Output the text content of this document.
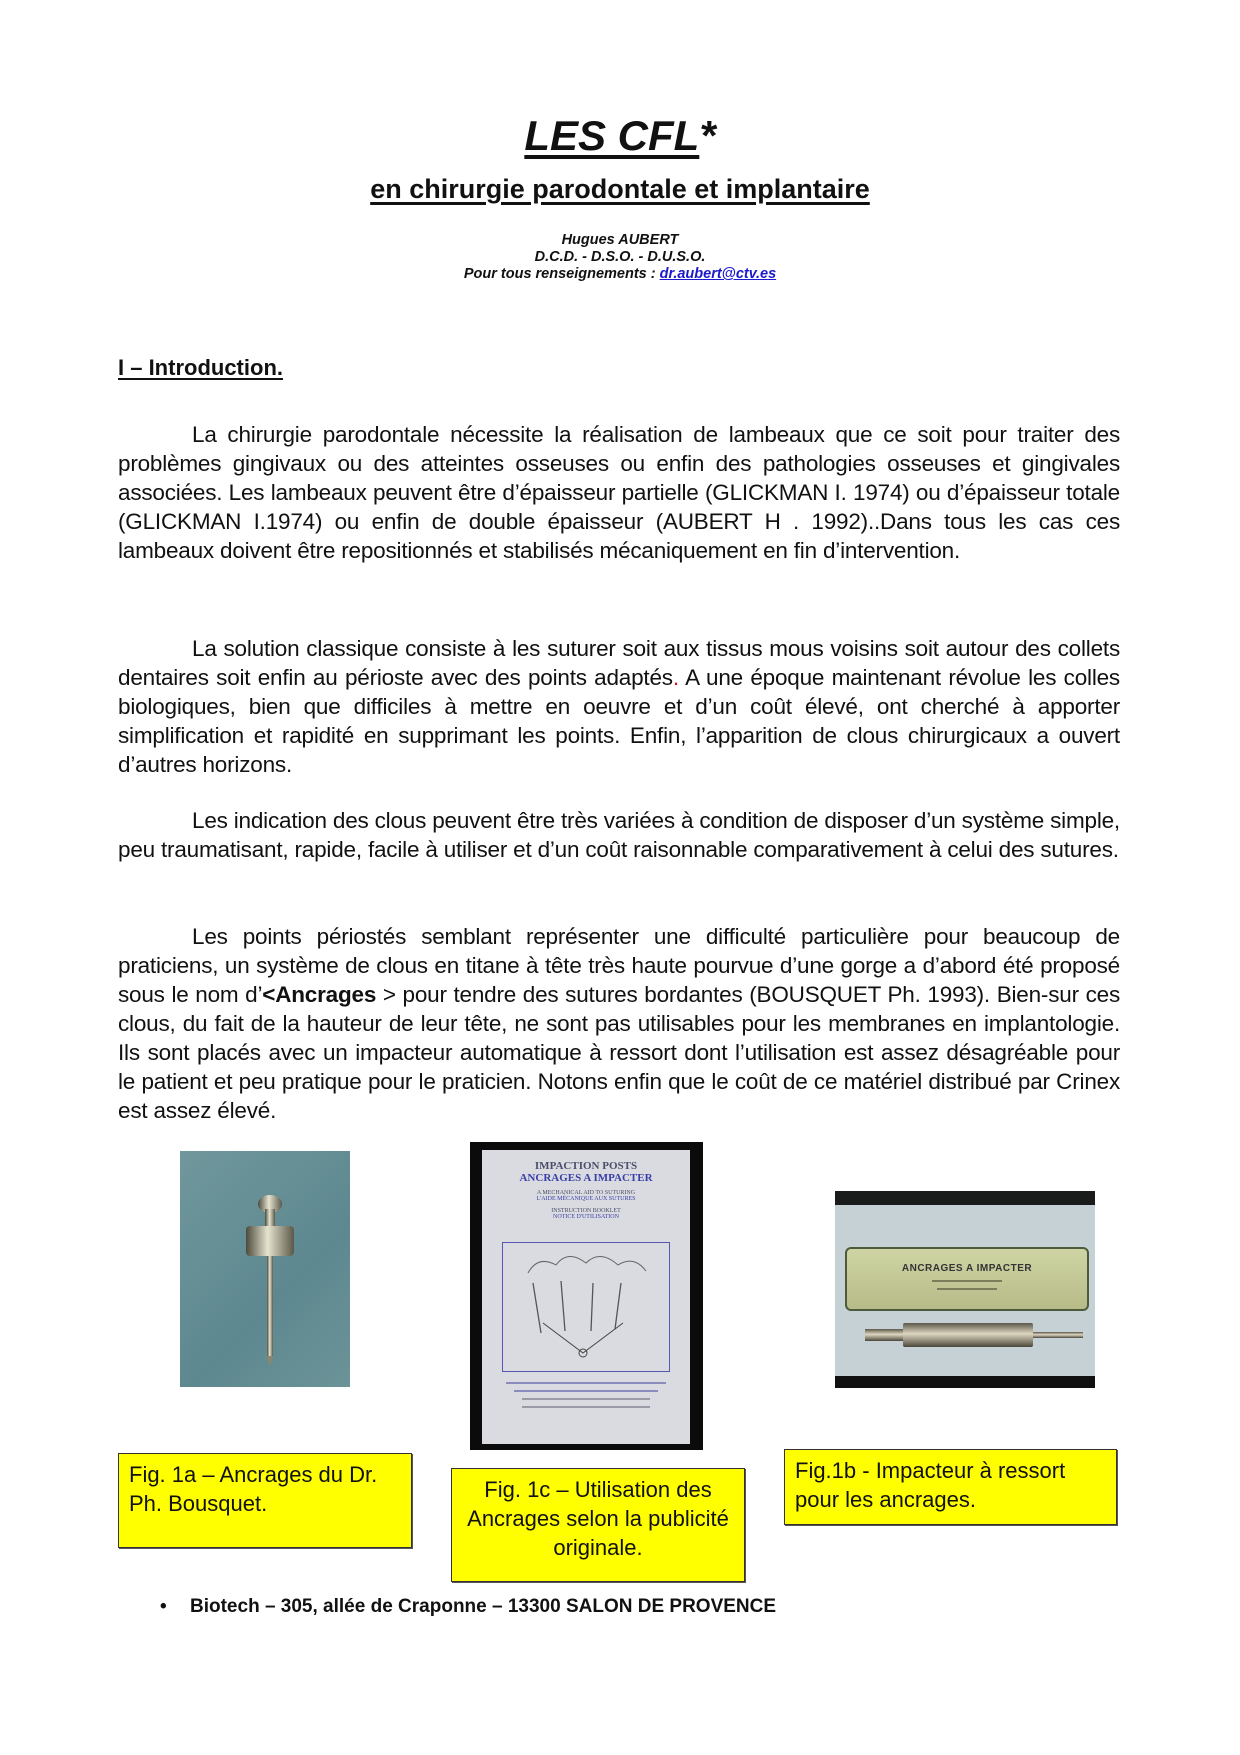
LES CFL*
en chirurgie parodontale et implantaire
Hugues AUBERT
D.C.D. - D.S.O. - D.U.S.O.
Pour tous renseignements : dr.aubert@ctv.es
I – Introduction.

La chirurgie parodontale nécessite la réalisation de lambeaux que ce soit pour traiter des problèmes gingivaux ou des atteintes osseuses ou enfin des pathologies osseuses et gingivales associées. Les lambeaux peuvent être d’épaisseur partielle (GLICKMAN I. 1974) ou d’épaisseur totale (GLICKMAN I.1974) ou enfin de double épaisseur (AUBERT H . 1992)..Dans tous les cas ces lambeaux doivent être repositionnés et stabilisés mécaniquement en fin d’intervention.

La solution classique consiste à les suturer soit aux tissus mous voisins soit autour des collets dentaires soit enfin au périoste avec des points adaptés. A une époque maintenant révolue les colles biologiques, bien que difficiles à mettre en oeuvre et d’un coût élevé, ont cherché à apporter simplification et rapidité en supprimant les points. Enfin, l’apparition de clous chirurgicaux a ouvert d’autres horizons.

Les indication des clous peuvent être très variées à condition de disposer d’un système simple, peu traumatisant, rapide, facile à utiliser et d’un coût raisonnable comparativement à celui des sutures.

Les points périostés semblant représenter une difficulté particulière pour beaucoup de praticiens, un système de clous en titane à tête très haute pourvue d’une gorge a d’abord été proposé sous le nom d’<Ancrages > pour tendre des sutures bordantes (BOUSQUET Ph. 1993). Bien-sur ces clous, du fait de la hauteur de leur tête, ne sont pas utilisables pour les membranes en implantologie. Ils sont placés avec un impacteur automatique à ressort dont l’utilisation est assez désagréable pour le patient et peu pratique pour le praticien. Notons enfin que le coût de ce matériel distribué par Crinex est assez élevé.

IMPACTION POSTS
ANCRAGES A IMPACTER
A MECHANICAL AID TO SUTURING
L'AIDE MÉCANIQUE AUX SUTURES
INSTRUCTION BOOKLET
NOTICE D'UTILISATION
ANCRAGES A IMPACTER
Fig. 1a – Ancrages du Dr. Ph. Bousquet.
Fig. 1c – Utilisation des Ancrages selon la publicité originale.
Fig.1b - Impacteur à ressort pour les ancrages.
• Biotech – 305, allée de Craponne – 13300 SALON DE PROVENCE
